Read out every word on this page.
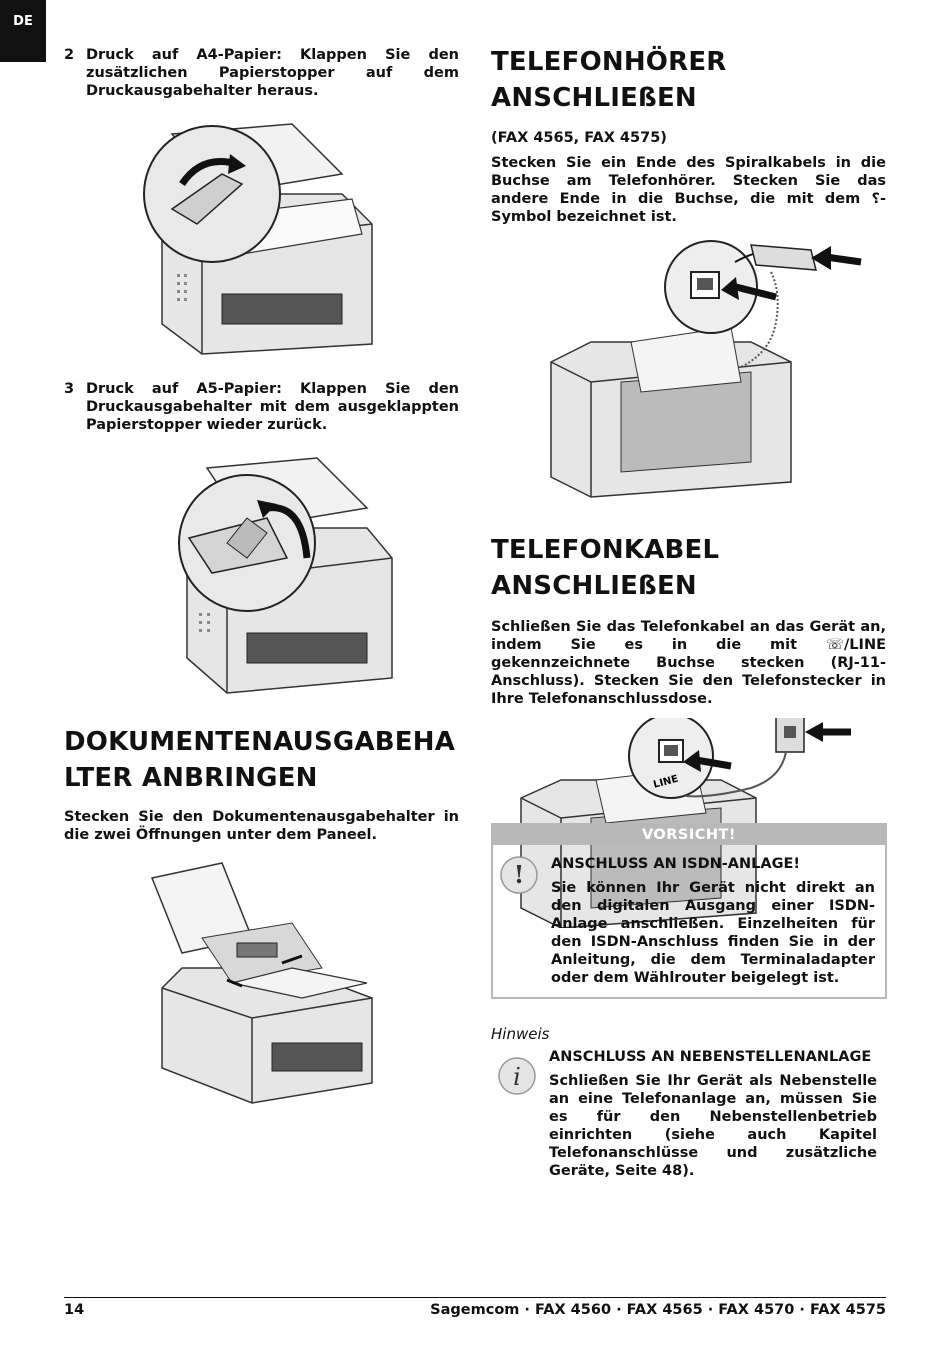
DE
2 Druck auf A4-Papier: Klappen Sie den zusätzlichen Papierstopper auf dem Druckausgabehalter heraus.
3 Druck auf A5-Papier: Klappen Sie den Druckausgabehalter mit dem ausgeklappten Papierstopper wieder zurück.
DOKUMENTENAUSGABEHALTER ANBRINGEN
Stecken Sie den Dokumentenausgabehalter in die zwei Öffnungen unter dem Paneel.
TELEFONHÖRER ANSCHLIEßEN
(FAX 4565, FAX 4575)
Stecken Sie ein Ende des Spiralkabels in die Buchse am Telefonhörer. Stecken Sie das andere Ende in die Buchse, die mit dem ⸮-Symbol bezeichnet ist.
TELEFONKABEL ANSCHLIEßEN
Schließen Sie das Telefonkabel an das Gerät an, indem Sie es in die mit ☏/LINE gekennzeichnete Buchse stecken (RJ-11-Anschluss). Stecken Sie den Telefonstecker in Ihre Telefonanschlussdose.
LINE
VORSICHT!
! ANSCHLUSS AN ISDN-ANLAGE!
Sie können Ihr Gerät nicht direkt an den digitalen Ausgang einer ISDN-Anlage anschließen. Einzelheiten für den ISDN-Anschluss finden Sie in der Anleitung, die dem Terminaladapter oder dem Wählrouter beigelegt ist.
Hinweis
i
ANSCHLUSS AN NEBENSTELLENANLAGE
Schließen Sie Ihr Gerät als Nebenstelle an eine Telefonanlage an, müssen Sie es für den Nebenstellenbetrieb einrichten (siehe auch Kapitel Telefonanschlüsse und zusätzliche Geräte, Seite 48).
14	Sagemcom · FAX 4560 · FAX 4565 · FAX 4570 · FAX 4575
